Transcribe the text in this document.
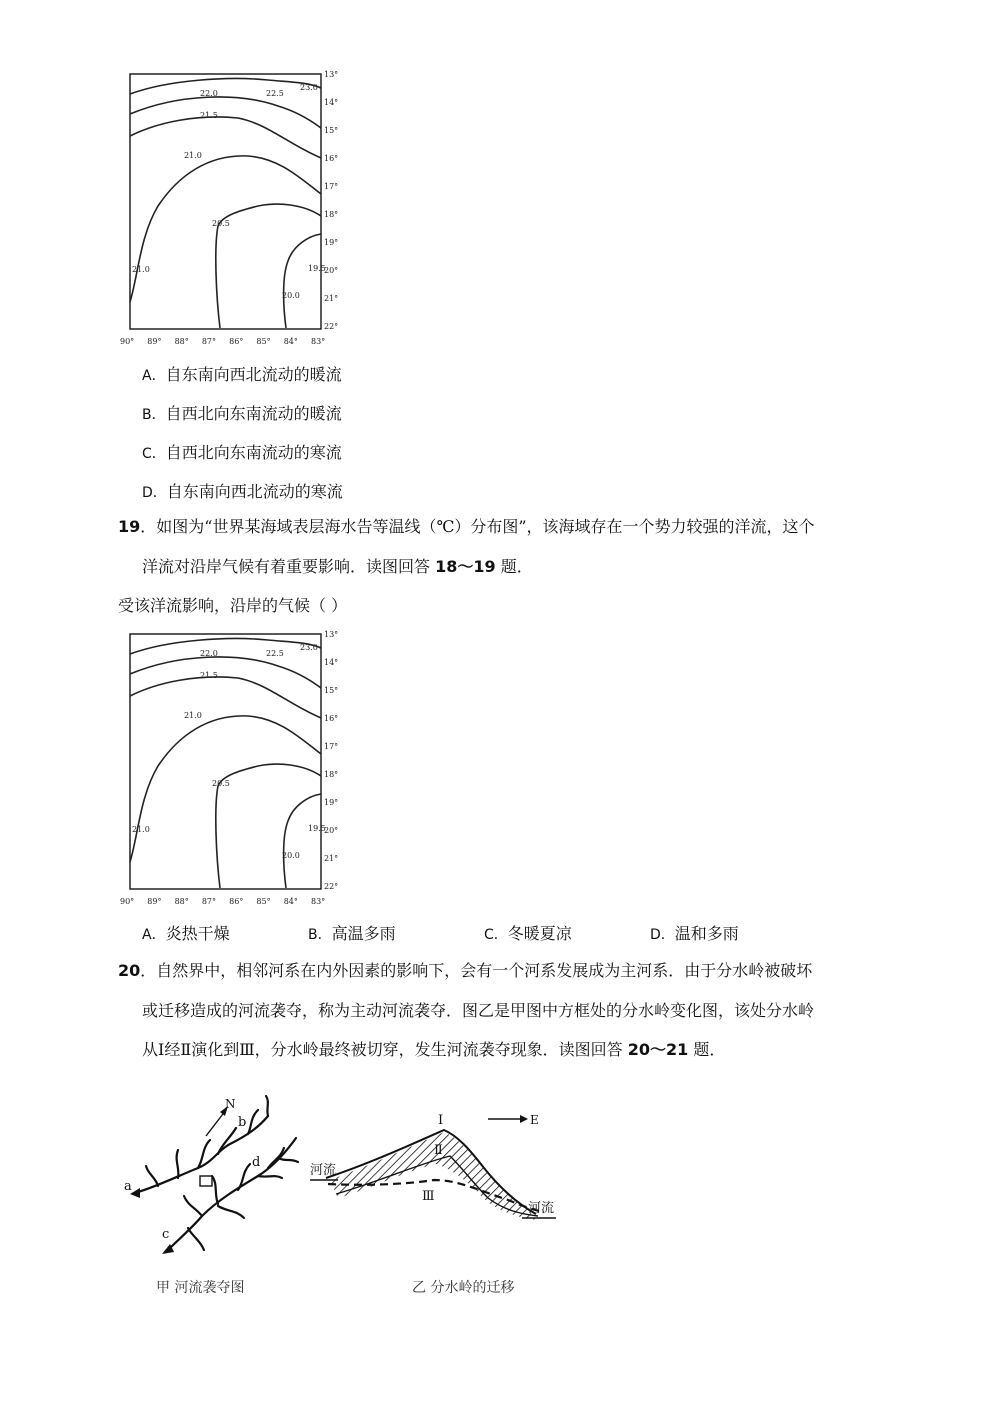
22.0
21.5
22.5
23.0
21.0
20.5
21.0
20.0
19.5
13°
14°
15°
16°
17°
18°
19°
20°
21°
22°
90° 89° 88° 87° 86° 85° 84° 83°
A．自东南向西北流动的暖流
B．自西北向东南流动的暖流
C．自西北向东南流动的寒流
D．自东南向西北流动的寒流
19．如图为“世界某海域表层海水告等温线（℃）分布图”，该海域存在一个势力较强的洋流，这个
洋流对沿岸气候有着重要影响．读图回答 18～19 题．
受该洋流影响，沿岸的气候（ ）
22.0
21.5
22.5
23.0
21.0
20.5
21.0
20.0
19.5
13°
14°
15°
16°
17°
18°
19°
20°
21°
22°
90° 89° 88° 87° 86° 85° 84° 83°
A．炎热干燥	B．高温多雨	C．冬暖夏凉	D．温和多雨
20．自然界中，相邻河系在内外因素的影响下，会有一个河系发展成为主河系．由于分水岭被破坏
或迁移造成的河流袭夺，称为主动河流袭夺．图乙是甲图中方框处的分水岭变化图，该处分水岭
从Ⅰ经Ⅱ演化到Ⅲ，分水岭最终被切穿，发生河流袭夺现象．读图回答 20～21 题．
N
a
b
c
d
甲 河流袭夺图
E
河流
河流
Ⅰ
Ⅱ
Ⅲ
乙 分水岭的迁移
